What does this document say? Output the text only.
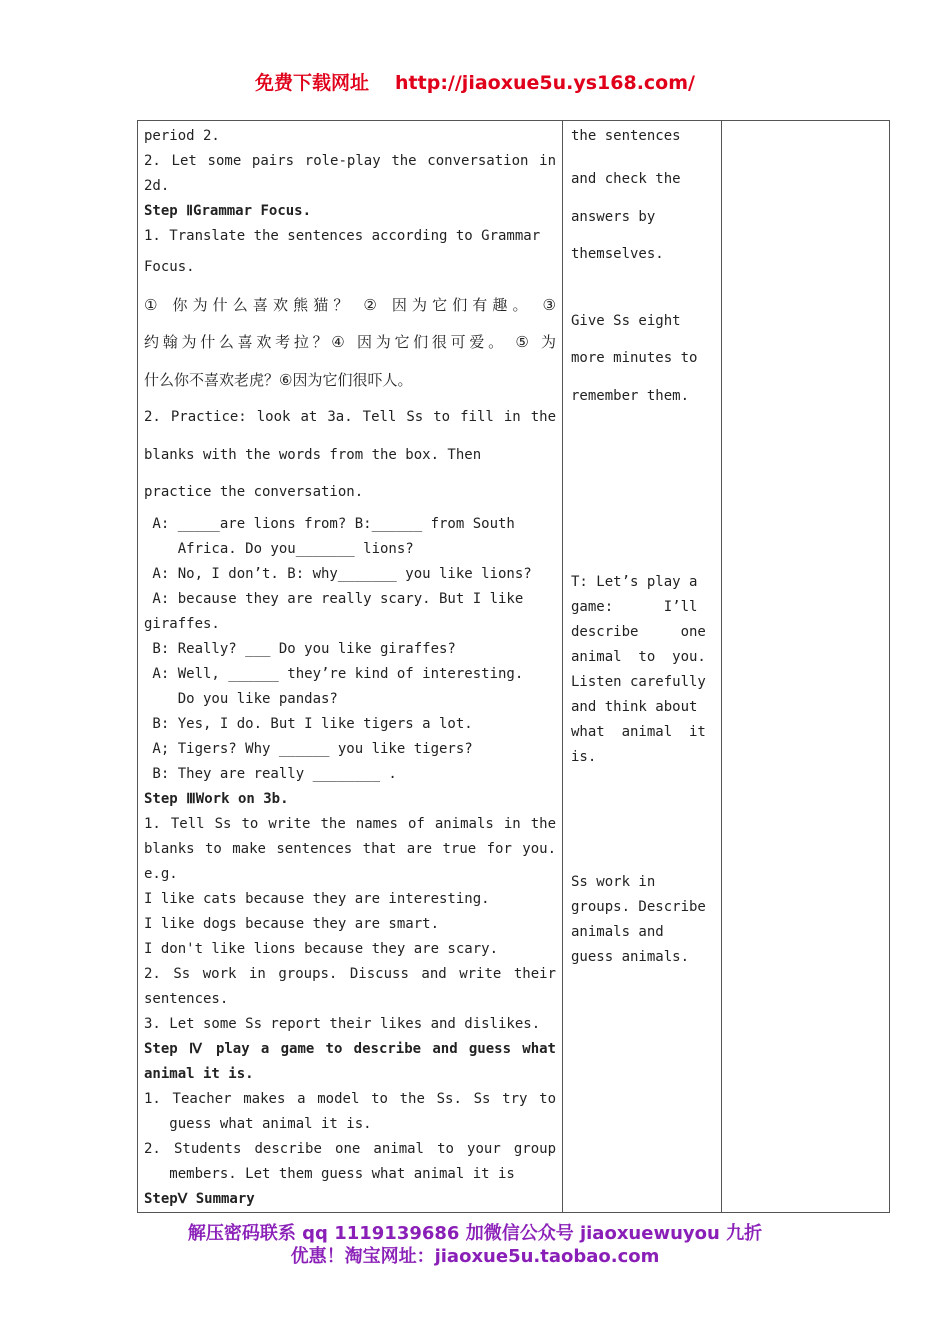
免费下载网址 http://jiaoxue5u.ys168.com/
period 2.
2. Let some pairs role-play the conversation in
2d.
Step ⅡGrammar Focus.
1. Translate the sentences according to Grammar
Focus.
① 你为什么喜欢熊猫？ ② 因为它们有趣。 ③
约翰为什么喜欢考拉？④ 因为它们很可爱。 ⑤ 为
什么你不喜欢老虎？⑥因为它们很吓人。
2. Practice: look at 3a. Tell Ss to fill in the
blanks with the words from the box. Then
practice the conversation.
A: _____are lions from? B:______ from South
Africa. Do you_______ lions?
A: No, I don’t. B: why_______ you like lions?
A: because they are really scary. But I like
giraffes.
B: Really? ___ Do you like giraffes?
A: Well, ______ they’re kind of interesting.
Do you like pandas?
B: Yes, I do. But I like tigers a lot.
A; Tigers? Why ______ you like tigers?
B: They are really ________ .
Step ⅢWork on 3b.
1. Tell Ss to write the names of animals in the
blanks to make sentences that are true for you.
e.g.
I like cats because they are interesting.
I like dogs because they are smart.
I don't like lions because they are scary.
2. Ss work in groups. Discuss and write their
sentences.
3. Let some Ss report their likes and dislikes.
Step Ⅳ play a game to describe and guess what
animal it is.
1. Teacher makes a model to the Ss. Ss try to
guess what animal it is.
2. Students describe one animal to your group
members. Let them guess what animal it is
StepⅤ Summary

the sentences
and check the
answers by
themselves.
Give Ss eight
more minutes to
remember them.
T: Let’s play a
game:      I’ll
describe     one
animal  to  you.
Listen carefully
and think about
what  animal  it
is.
Ss work in
groups. Describe
animals and
guess animals.

解压密码联系 qq 1119139686 加微信公众号 jiaoxuewuyou 九折
优惠！淘宝网址：jiaoxue5u.taobao.com
